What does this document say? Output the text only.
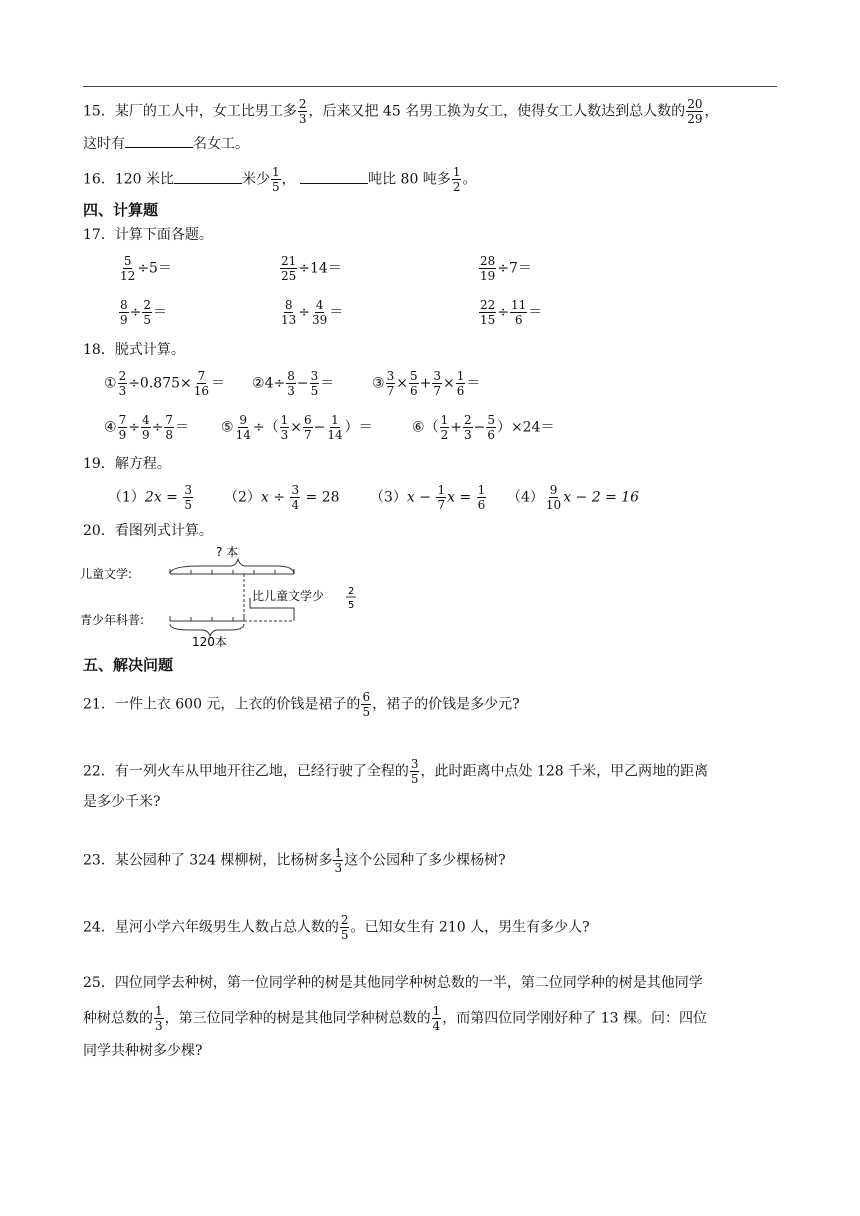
15．某厂的工人中，女工比男工多 $\frac{2}{3}$ ，后来又把 45 名男工换为女工，使得女工人数达到总人数的 $\frac{20}{29}$ ，
这时有	名女工。
16．120 米比	米少 $\frac{1}{5}$ ，	吨比 80 吨多 $\frac{1}{2}$ 。
四、计算题
17．计算下面各题。
$\frac{5}{12} \div 5=$	$\frac{21}{25} \div 14=$	$\frac{28}{19} \div 7=$
$\frac{8}{9} \div \frac{2}{5}$ ＝	$\frac{8}{13} \div \frac{4}{39}$ ＝	$\frac{22}{15} \div \frac{11}{6}$ ＝
18．脱式计算。
① $\frac{2}{3} \div 0.875\times \frac{7}{16}$ ＝ ②4÷ $\frac{8}{3} - \frac{3}{5}$ ＝	③ $\frac{3}{7} \times \frac{5}{6} + \frac{3}{7} \times \frac{1}{6}$ ＝
④ $\frac{7}{9} \div \frac{4}{9} \div \frac{7}{8}$ ＝ ⑤ $\frac{9}{14}$ ÷（ $\frac{1}{3} \times \frac{6}{7} - \frac{1}{14}$ ）＝	⑥（ $\frac{1}{2} + \frac{2}{3} - \frac{5}{6} )\times 24=$
19．解方程。
$(1)2x = \frac{3}{5} (2)x \div \frac{3}{4} = 28$ $(3)x - \frac{1}{7}$ $x = \frac{1}{6} (4) \frac{9}{10}$ x − 2 = 16
20．看图列式计算。
? 本
儿童文学:
比儿童文学少 2
5
青少年科普:
120本
五、解决问题
21．一件上衣 600 元，上衣的价钱是裙子的 $\frac{6}{5}$ ，裙子的价钱是多少元?
22．有一列火车从甲地开往乙地，已经行驶了全程的 $\frac{3}{5}$ ，此时距离中点处 128 千米，甲乙两地的距离
是多少千米?
23．某公园种了 324 棵柳树，比杨树多 $\frac{1}{3}$ 这个公园种了多少棵杨树?
24．星河小学六年级男生人数占总人数的 $\frac{2}{5}$ 。已知女生有 210 人，男生有多少人?
25．四位同学去种树，第一位同学种的树是其他同学种树总数的一半，第二位同学种的树是其他同学
种树总数的 $\frac{1}{3}$ ，第三位同学种的树是其他同学种树总数的 $\frac{1}{4}$ ，而第四位同学刚好种了 13 棵。问：四位
同学共种树多少棵?
